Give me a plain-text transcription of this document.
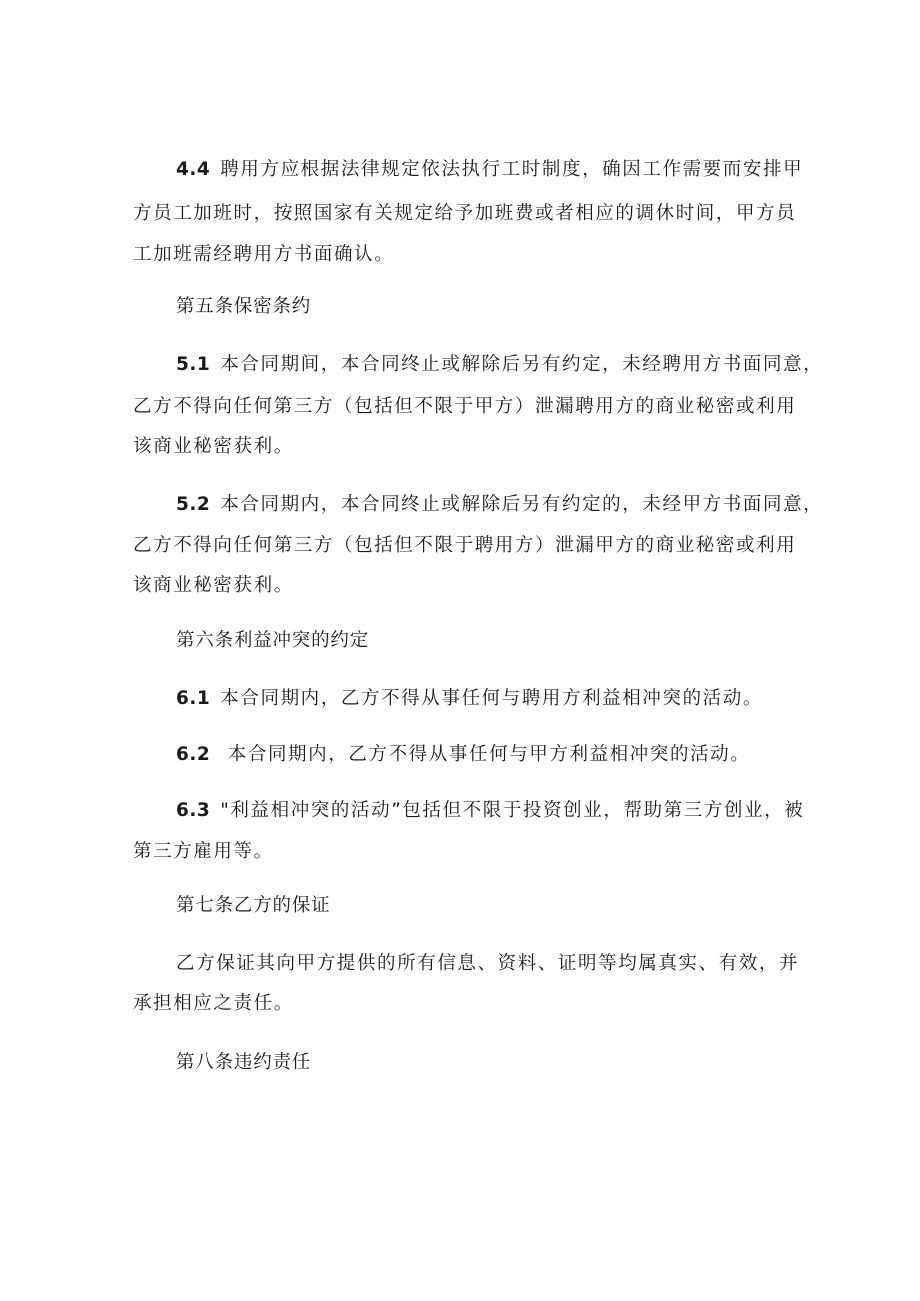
4.4 聘用方应根据法律规定依法执行工时制度，确因工作需要而安排甲
方员工加班时，按照国家有关规定给予加班费或者相应的调休时间，甲方员
工加班需经聘用方书面确认。
第五条保密条约
5.1 本合同期间，本合同终止或解除后另有约定，未经聘用方书面同意，
乙方不得向任何第三方（包括但不限于甲方）泄漏聘用方的商业秘密或利用
该商业秘密获利。
5.2 本合同期内，本合同终止或解除后另有约定的，未经甲方书面同意，
乙方不得向任何第三方（包括但不限于聘用方）泄漏甲方的商业秘密或利用
该商业秘密获利。
第六条利益冲突的约定
6.1 本合同期内，乙方不得从事任何与聘用方利益相冲突的活动。
6.2 本合同期内，乙方不得从事任何与甲方利益相冲突的活动。
6.3 "利益相冲突的活动”包括但不限于投资创业，帮助第三方创业，被
第三方雇用等。
第七条乙方的保证
乙方保证其向甲方提供的所有信息、资料、证明等均属真实、有效，并
承担相应之责任。
第八条违约责任
